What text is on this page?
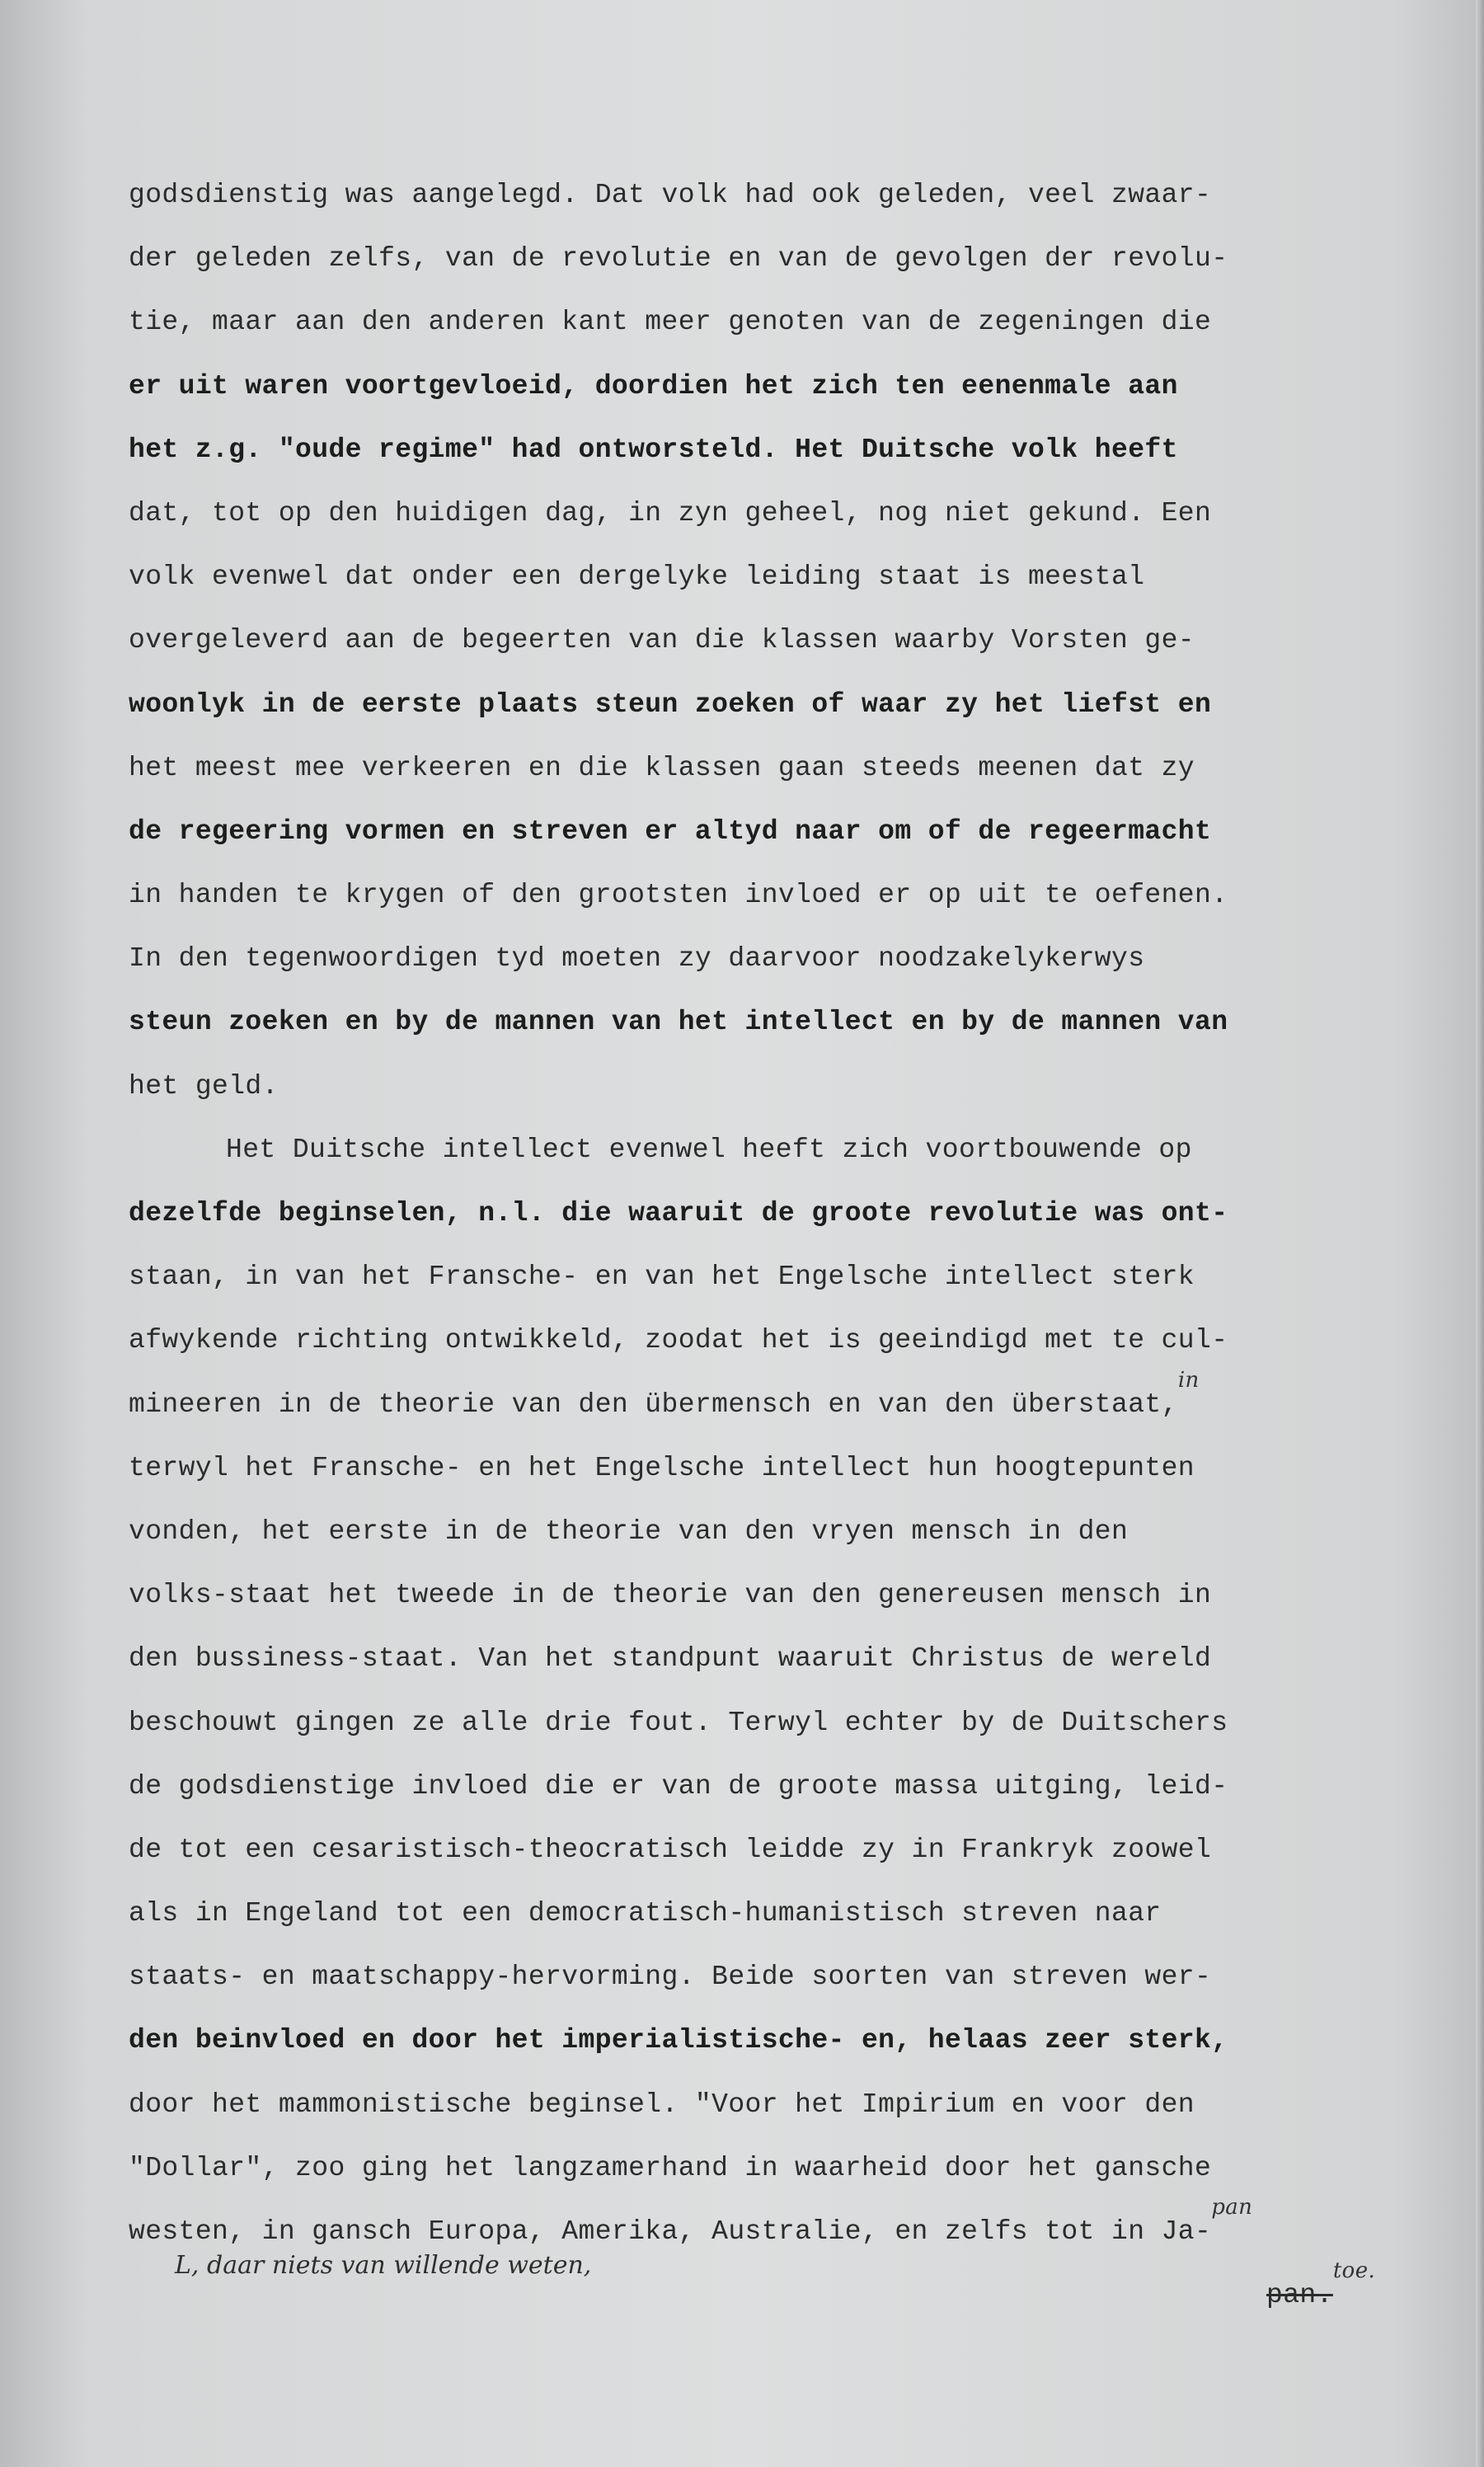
godsdienstig was aangelegd. Dat volk had ook geleden, veel zwaar-
der geleden zelfs, van de revolutie en van de gevolgen der revolu-
tie, maar aan den anderen kant meer genoten van de zegeningen die
er uit waren voortgevloeid, doordien het zich ten eenenmale aan
het z.g. "oude regime" had ontworsteld. Het Duitsche volk heeft
dat, tot op den huidigen dag, in zyn geheel, nog niet gekund. Een
volk evenwel dat onder een dergelyke leiding staat is meestal
overgeleverd aan de begeerten van die klassen waarby Vorsten ge-
woonlyk in de eerste plaats steun zoeken of waar zy het liefst en
het meest mee verkeeren en die klassen gaan steeds meenen dat zy
de regeering vormen en streven er altyd naar om of de regeermacht
in handen te krygen of den grootsten invloed er op uit te oefenen.
In den tegenwoordigen tyd moeten zy daarvoor noodzakelykerwys
steun zoeken en by de mannen van het intellect en by de mannen van
het geld.
Het Duitsche intellect evenwel heeft zich voortbouwende op
dezelfde beginselen, n.l. die waaruit de groote revolutie was ont-
staan, in van het Fransche- en van het Engelsche intellect sterk
afwykende richting ontwikkeld, zoodat het is geeindigd met te cul-
mineeren in de theorie van den übermensch en van den überstaat,$^{in}$
terwyl het Fransche- en het Engelsche intellect hun hoogtepunten
vonden, het eerste in de theorie van den vryen mensch in den
volks-staat het tweede in de theorie van den genereusen mensch in
den bussiness-staat. Van het standpunt waaruit Christus de wereld
beschouwt gingen ze alle drie fout. Terwyl echter by de Duitschers
de godsdienstige invloed die er van de groote massa uitging, leid-
de tot een cesaristisch-theocratisch leidde zy in Frankryk zoowel
als in Engeland tot een democratisch-humanistisch streven naar
staats- en maatschappy-hervorming. Beide soorten van streven wer-
den beinvloed en door het imperialistische- en, helaas zeer sterk,
door het mammonistische beginsel. "Voor het Impirium en voor den
"Dollar", zoo ging het langzamerhand in waarheid door het gansche
westen, in gansch Europa, Amerika, Australie, en zelfs tot in Ja-$^{pan}$
pan.$^{toe.}$
L, daar niets van willende weten,
